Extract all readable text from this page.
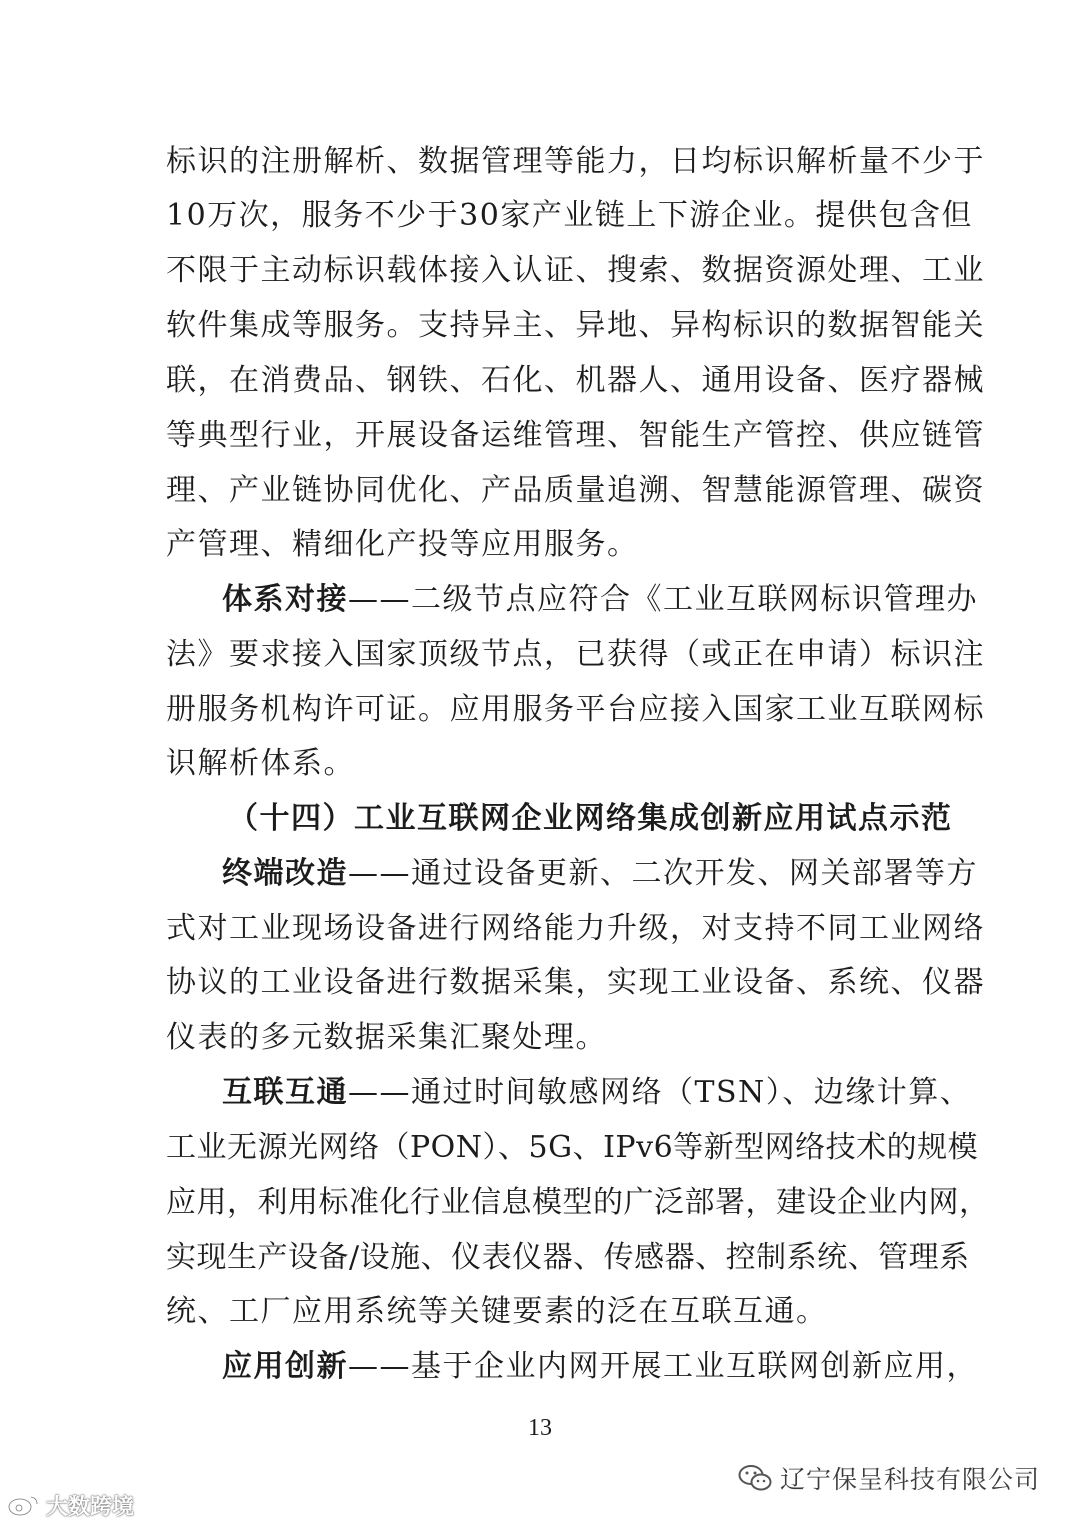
标识的注册解析、数据管理等能力，日均标识解析量不少于
10万次，服务不少于30家产业链上下游企业。提供包含但
不限于主动标识载体接入认证、搜索、数据资源处理、工业
软件集成等服务。支持异主、异地、异构标识的数据智能关
联，在消费品、钢铁、石化、机器人、通用设备、医疗器械
等典型行业，开展设备运维管理、智能生产管控、供应链管
理、产业链协同优化、产品质量追溯、智慧能源管理、碳资
产管理、精细化产投等应用服务。
体系对接——二级节点应符合《工业互联网标识管理办
法》要求接入国家顶级节点，已获得（或正在申请）标识注
册服务机构许可证。应用服务平台应接入国家工业互联网标
识解析体系。
（十四）工业互联网企业网络集成创新应用试点示范
终端改造——通过设备更新、二次开发、网关部署等方
式对工业现场设备进行网络能力升级，对支持不同工业网络
协议的工业设备进行数据采集，实现工业设备、系统、仪器
仪表的多元数据采集汇聚处理。
互联互通——通过时间敏感网络（TSN）、边缘计算、
工业无源光网络（PON）、5G、IPv6等新型网络技术的规模
应用，利用标准化行业信息模型的广泛部署，建设企业内网，
实现生产设备/设施、仪表仪器、传感器、控制系统、管理系
统、工厂应用系统等关键要素的泛在互联互通。
应用创新——基于企业内网开展工业互联网创新应用，
13
辽宁保呈科技有限公司
大数跨境
